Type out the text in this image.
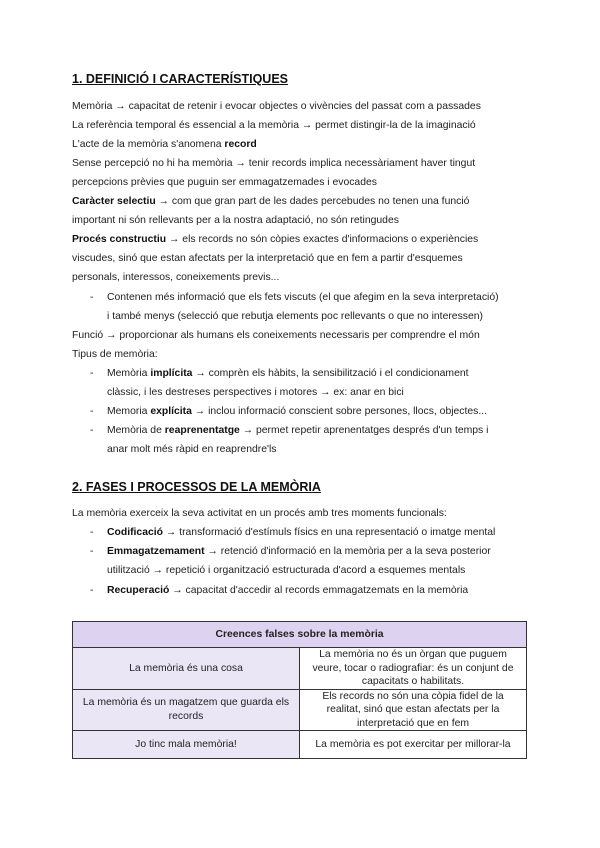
1. DEFINICIÓ I CARACTERÍSTIQUES
Memòria → capacitat de retenir i evocar objectes o vivències del passat com a passades
La referència temporal és essencial a la memòria → permet distingir-la de la imaginació
L'acte de la memòria s'anomena record
Sense percepció no hi ha memòria → tenir records implica necessàriament haver tingut
percepcions prèvies que puguin ser emmagatzemades i evocades
Caràcter selectiu → com que gran part de les dades percebudes no tenen una funció
important ni són rellevants per a la nostra adaptació, no són retingudes
Procés constructiu → els records no són còpies exactes d'informacions o experiències
viscudes, sinó que estan afectats per la interpretació que en fem a partir d'esquemes
personals, interessos, coneixements previs...
- Contenen més informació que els fets viscuts (el que afegim en la seva interpretació)
i també menys (selecció que rebutja elements poc rellevants o que no interessen)
Funció → proporcionar als humans els coneixements necessaris per comprendre el món
Tipus de memòria:
- Memòria implícita → comprèn els hàbits, la sensibilització i el condicionament
clàssic, i les destreses perspectives i motores → ex: anar en bici
- Memoria explícita → inclou informació conscient sobre persones, llocs, objectes...
- Memòria de reaprenentatge → permet repetir aprenentatges després d'un temps i
anar molt més ràpid en reaprendre'ls
2. FASES I PROCESSOS DE LA MEMÒRIA
La memòria exerceix la seva activitat en un procés amb tres moments funcionals:
- Codificació → transformació d'estímuls físics en una representació o imatge mental
- Emmagatzemament → retenció d'informació en la memòria per a la seva posterior
utilització → repetició i organització estructurada d'acord a esquemes mentals
- Recuperació → capacitat d'accedir al records emmagatzemats en la memòria
Creences falses sobre la memòria	
La memòria és una cosa	La memòria no és un òrgan que puguem veure, tocar o radiografiar: és un conjunt de capacitats o habilitats.
La memòria és un magatzem que guarda els records	Els records no són una còpia fidel de la realitat, sinó que estan afectats per la interpretació que en fem
Jo tinc mala memòria!	La memòria es pot exercitar per millorar-la
